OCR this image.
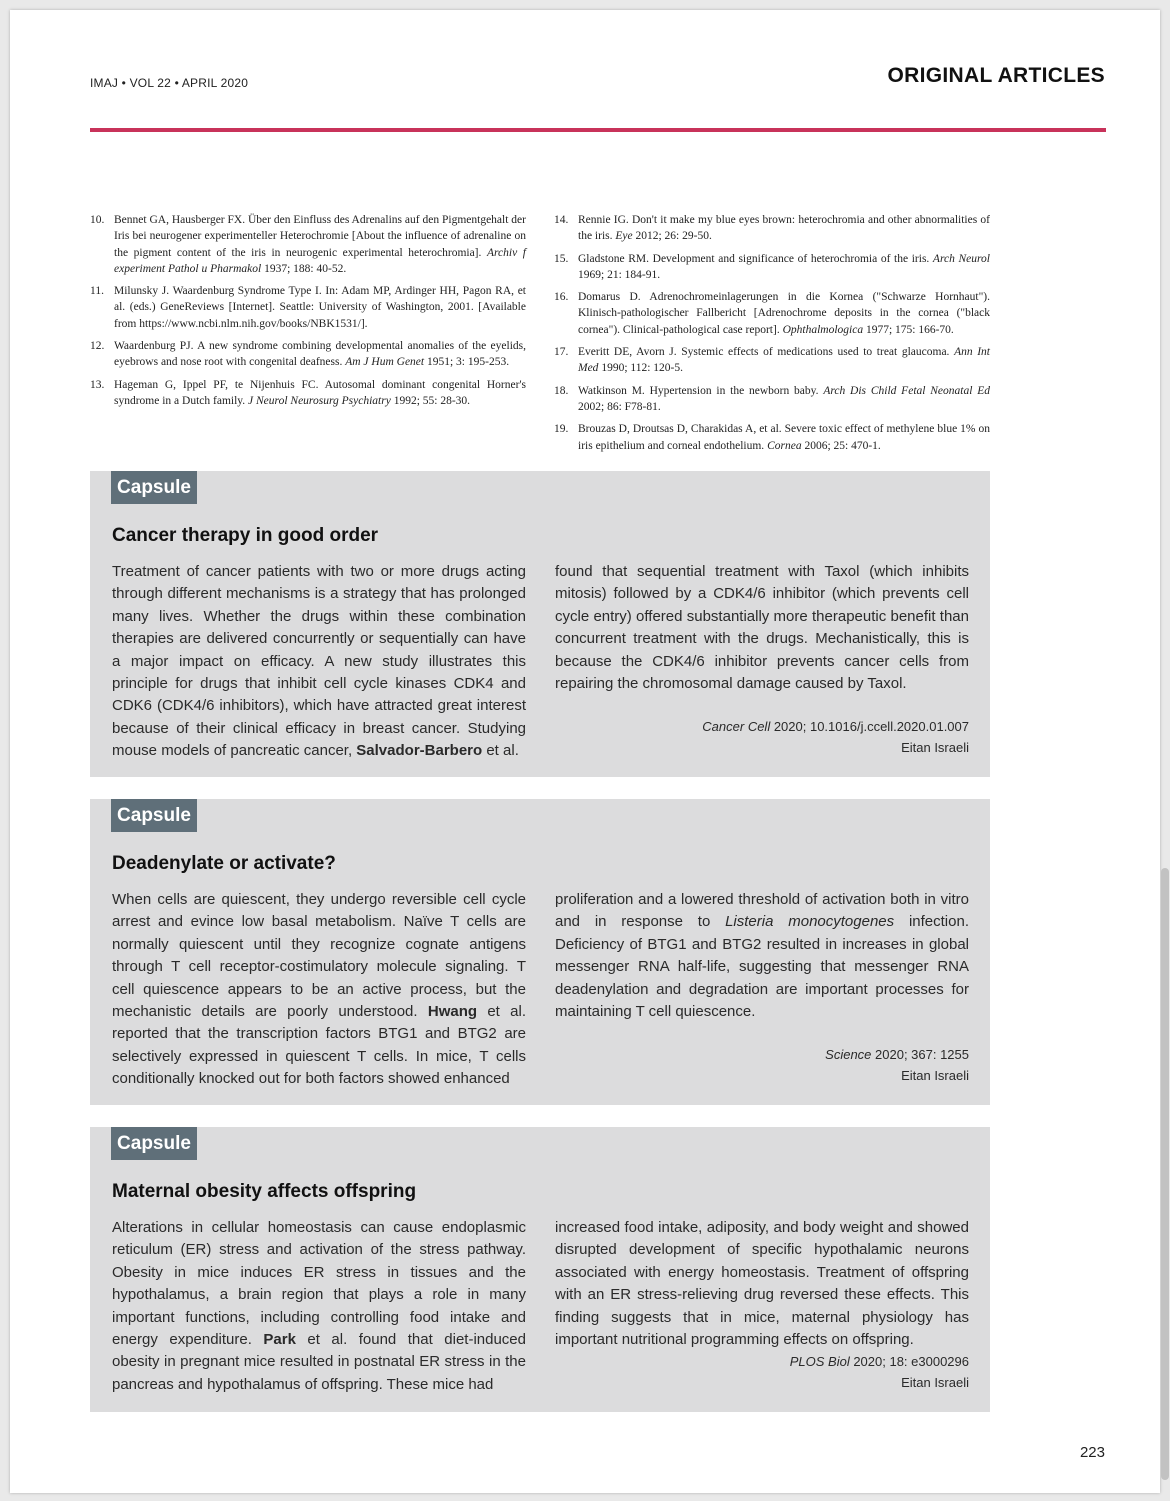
IMAJ • VOL 22 • APRIL 2020	ORIGINAL ARTICLES
10. Bennet GA, Hausberger FX. Über den Einfluss des Adrenalins auf den Pigmentgehalt der Iris bei neurogener experimenteller Heterochromie [About the influence of adrenaline on the pigment content of the iris in neurogenic experimental heterochromia]. Archiv f experiment Pathol u Pharmakol 1937; 188: 40-52.
11. Milunsky J. Waardenburg Syndrome Type I. In: Adam MP, Ardinger HH, Pagon RA, et al. (eds.) GeneReviews [Internet]. Seattle: University of Washington, 2001. [Available from https://www.ncbi.nlm.nih.gov/books/NBK1531/].
12. Waardenburg PJ. A new syndrome combining developmental anomalies of the eyelids, eyebrows and nose root with congenital deafness. Am J Hum Genet 1951; 3: 195-253.
13. Hageman G, Ippel PF, te Nijenhuis FC. Autosomal dominant congenital Horner's syndrome in a Dutch family. J Neurol Neurosurg Psychiatry 1992; 55: 28-30.
14. Rennie IG. Don't it make my blue eyes brown: heterochromia and other abnormalities of the iris. Eye 2012; 26: 29-50.
15. Gladstone RM. Development and significance of heterochromia of the iris. Arch Neurol 1969; 21: 184-91.
16. Domarus D. Adrenochromeinlagerungen in die Kornea ("Schwarze Hornhaut"). Klinisch-pathologischer Fallbericht [Adrenochrome deposits in the cornea ("black cornea"). Clinical-pathological case report]. Ophthalmologica 1977; 175: 166-70.
17. Everitt DE, Avorn J. Systemic effects of medications used to treat glaucoma. Ann Int Med 1990; 112: 120-5.
18. Watkinson M. Hypertension in the newborn baby. Arch Dis Child Fetal Neonatal Ed 2002; 86: F78-81.
19. Brouzas D, Droutsas D, Charakidas A, et al. Severe toxic effect of methylene blue 1% on iris epithelium and corneal endothelium. Cornea 2006; 25: 470-1.
Capsule
Cancer therapy in good order
Treatment of cancer patients with two or more drugs acting through different mechanisms is a strategy that has prolonged many lives. Whether the drugs within these combination therapies are delivered concurrently or sequentially can have a major impact on efficacy. A new study illustrates this principle for drugs that inhibit cell cycle kinases CDK4 and CDK6 (CDK4/6 inhibitors), which have attracted great interest because of their clinical efficacy in breast cancer. Studying mouse models of pancreatic cancer, Salvador-Barbero et al.
found that sequential treatment with Taxol (which inhibits mitosis) followed by a CDK4/6 inhibitor (which prevents cell cycle entry) offered substantially more therapeutic benefit than concurrent treatment with the drugs. Mechanistically, this is because the CDK4/6 inhibitor prevents cancer cells from repairing the chromosomal damage caused by Taxol.
Cancer Cell 2020; 10.1016/j.ccell.2020.01.007
Eitan Israeli
Capsule
Deadenylate or activate?
When cells are quiescent, they undergo reversible cell cycle arrest and evince low basal metabolism. Naïve T cells are normally quiescent until they recognize cognate antigens through T cell receptor-costimulatory molecule signaling. T cell quiescence appears to be an active process, but the mechanistic details are poorly understood. Hwang et al. reported that the transcription factors BTG1 and BTG2 are selectively expressed in quiescent T cells. In mice, T cells conditionally knocked out for both factors showed enhanced
proliferation and a lowered threshold of activation both in vitro and in response to Listeria monocytogenes infection. Deficiency of BTG1 and BTG2 resulted in increases in global messenger RNA half-life, suggesting that messenger RNA deadenylation and degradation are important processes for maintaining T cell quiescence.
Science 2020; 367: 1255
Eitan Israeli
Capsule
Maternal obesity affects offspring
Alterations in cellular homeostasis can cause endoplasmic reticulum (ER) stress and activation of the stress pathway. Obesity in mice induces ER stress in tissues and the hypothalamus, a brain region that plays a role in many important functions, including controlling food intake and energy expenditure. Park et al. found that diet-induced obesity in pregnant mice resulted in postnatal ER stress in the pancreas and hypothalamus of offspring. These mice had
increased food intake, adiposity, and body weight and showed disrupted development of specific hypothalamic neurons associated with energy homeostasis. Treatment of offspring with an ER stress-relieving drug reversed these effects. This finding suggests that in mice, maternal physiology has important nutritional programming effects on offspring.
PLOS Biol 2020; 18: e3000296
Eitan Israeli
223
